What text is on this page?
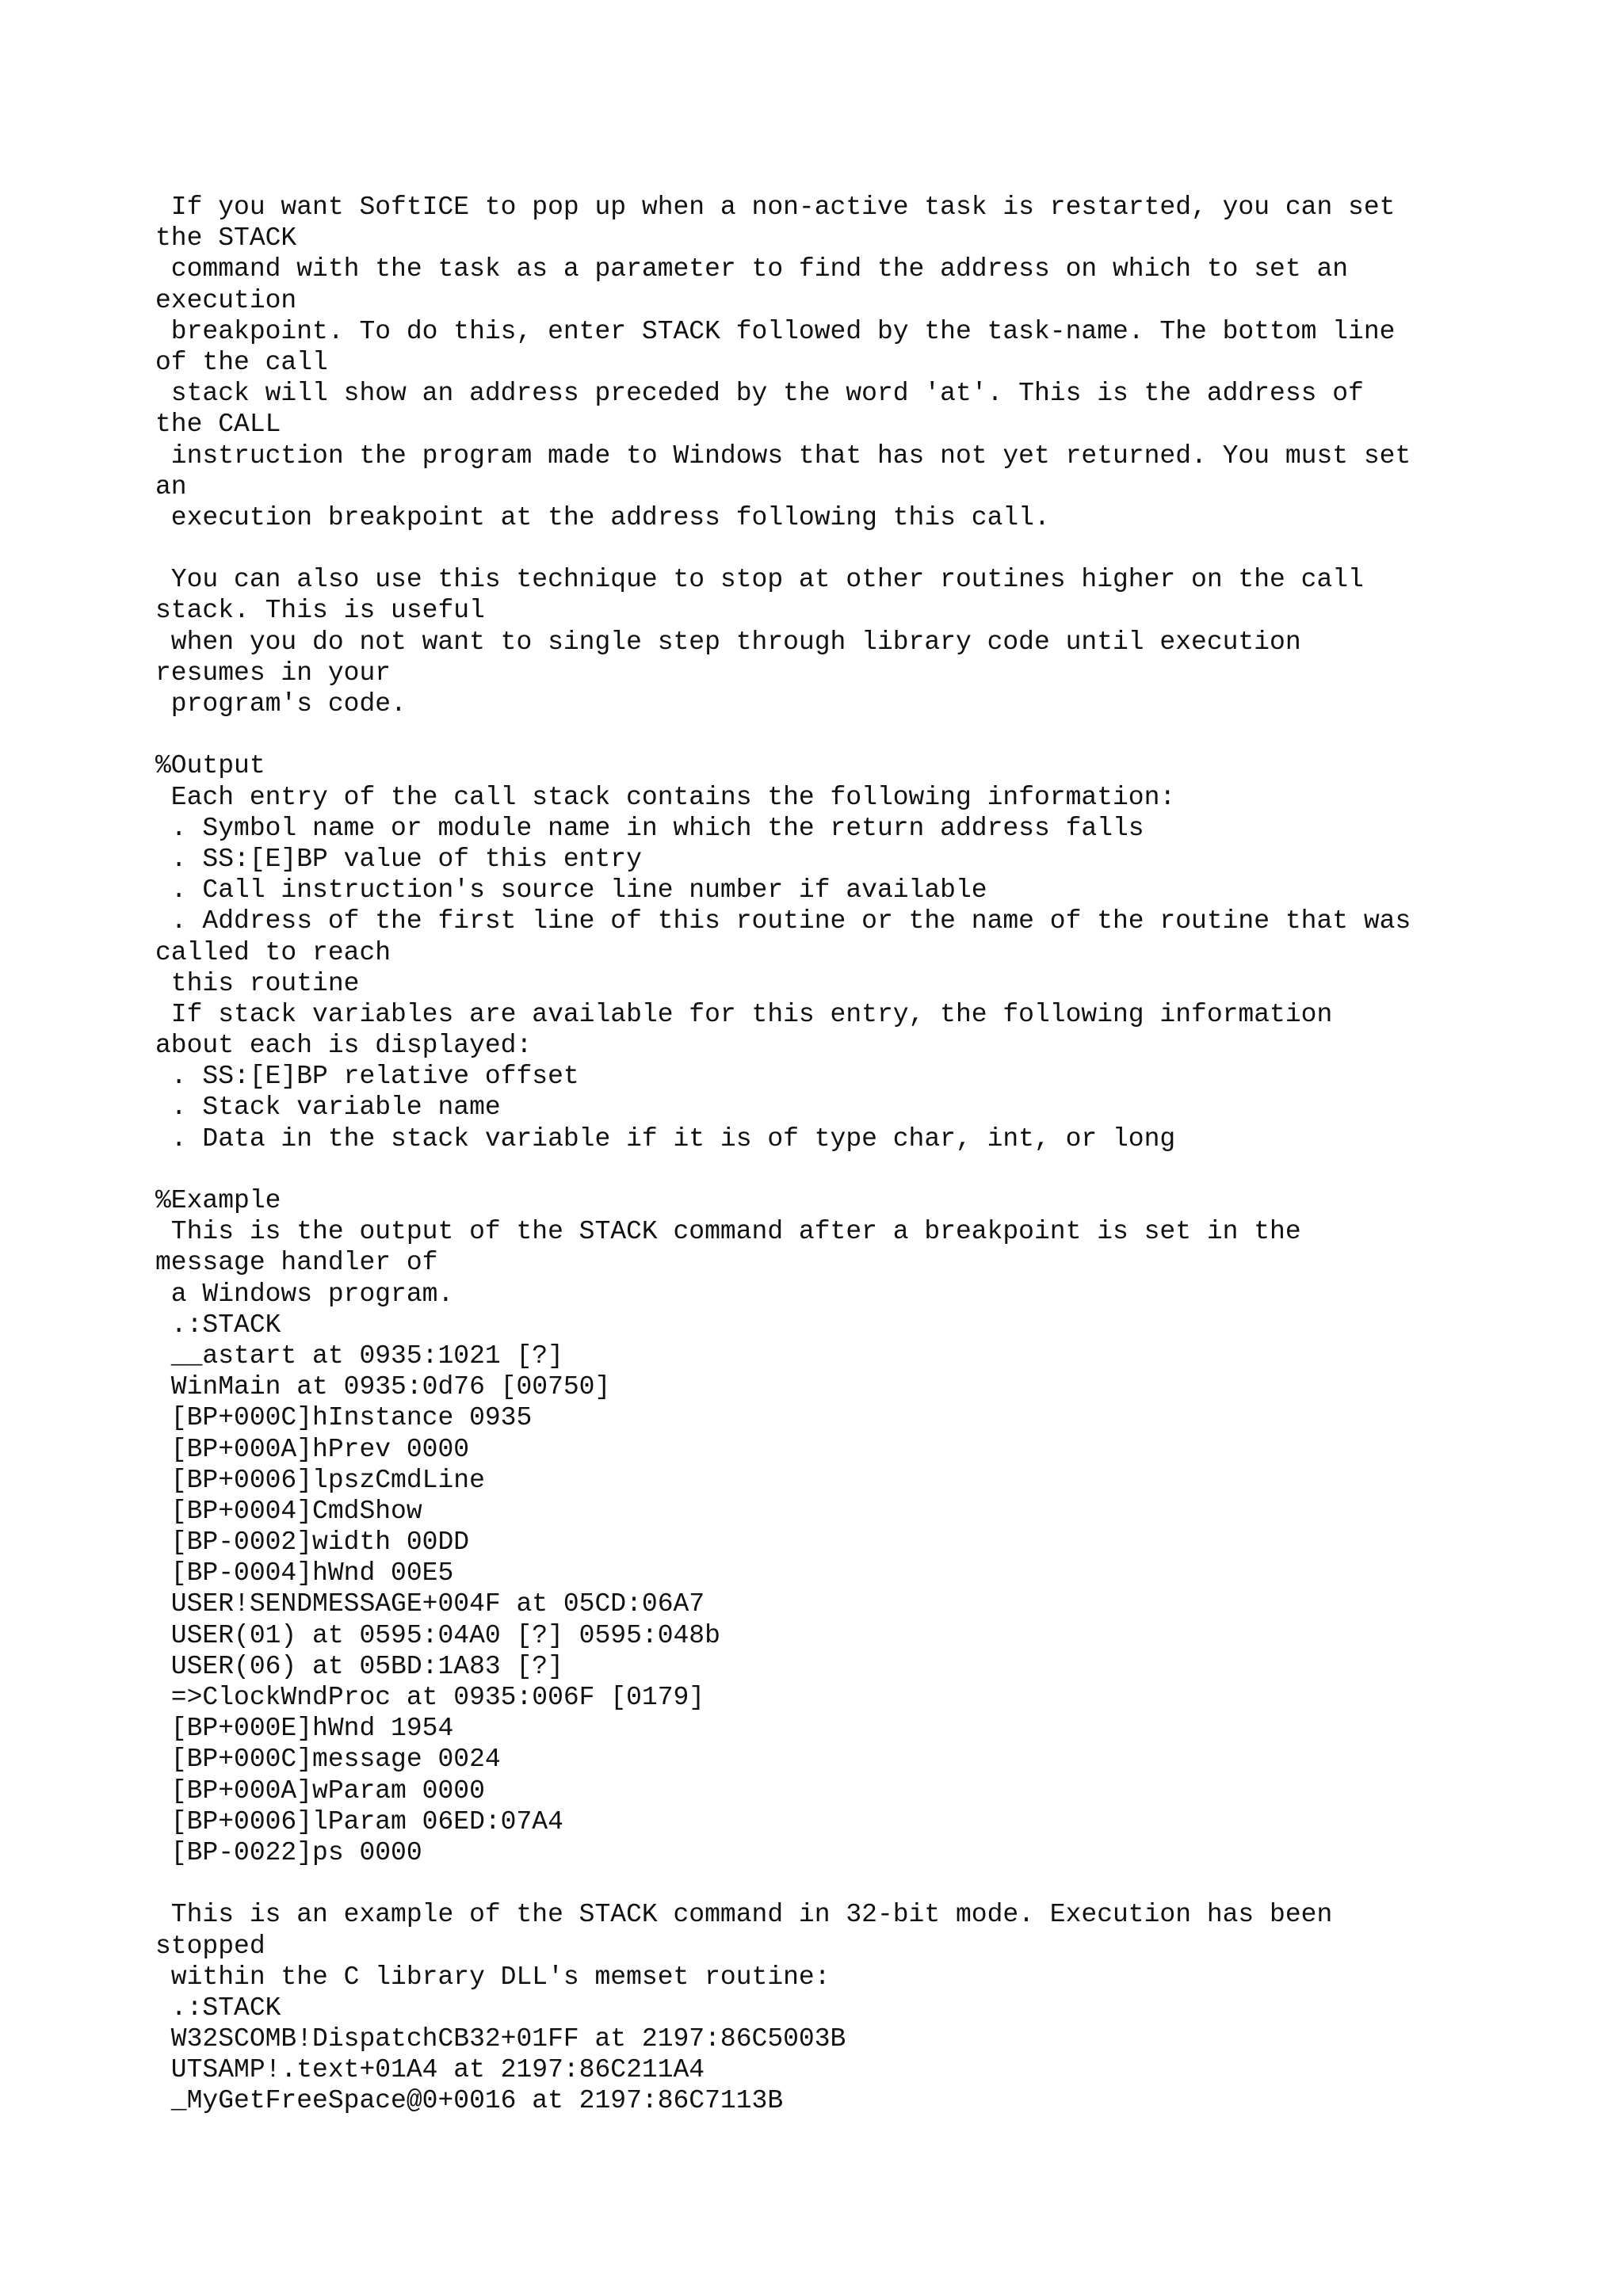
If you want SoftICE to pop up when a non-active task is restarted, you can set
the STACK
command with the task as a parameter to find the address on which to set an
execution
breakpoint. To do this, enter STACK followed by the task-name. The bottom line
of the call
stack will show an address preceded by the word 'at'. This is the address of
the CALL
instruction the program made to Windows that has not yet returned. You must set
an
execution breakpoint at the address following this call.
You can also use this technique to stop at other routines higher on the call
stack. This is useful
when you do not want to single step through library code until execution
resumes in your
program's code.
%Output
Each entry of the call stack contains the following information:
. Symbol name or module name in which the return address falls
. SS:[E]BP value of this entry
. Call instruction's source line number if available
. Address of the first line of this routine or the name of the routine that was
called to reach
this routine
If stack variables are available for this entry, the following information
about each is displayed:
. SS:[E]BP relative offset
. Stack variable name
. Data in the stack variable if it is of type char, int, or long
%Example
This is the output of the STACK command after a breakpoint is set in the
message handler of
a Windows program.
.:STACK
__astart at 0935:1021 [?]
WinMain at 0935:0d76 [00750]
[BP+000C]hInstance 0935
[BP+000A]hPrev 0000
[BP+0006]lpszCmdLine
[BP+0004]CmdShow
[BP-0002]width 00DD
[BP-0004]hWnd 00E5
USER!SENDMESSAGE+004F at 05CD:06A7
USER(01) at 0595:04A0 [?] 0595:048b
USER(06) at 05BD:1A83 [?]
=>ClockWndProc at 0935:006F [0179]
[BP+000E]hWnd 1954
[BP+000C]message 0024
[BP+000A]wParam 0000
[BP+0006]lParam 06ED:07A4
[BP-0022]ps 0000
This is an example of the STACK command in 32-bit mode. Execution has been
stopped
within the C library DLL's memset routine:
.:STACK
W32SCOMB!DispatchCB32+01FF at 2197:86C5003B
UTSAMP!.text+01A4 at 2197:86C211A4
_MyGetFreeSpace@0+0016 at 2197:86C7113B
